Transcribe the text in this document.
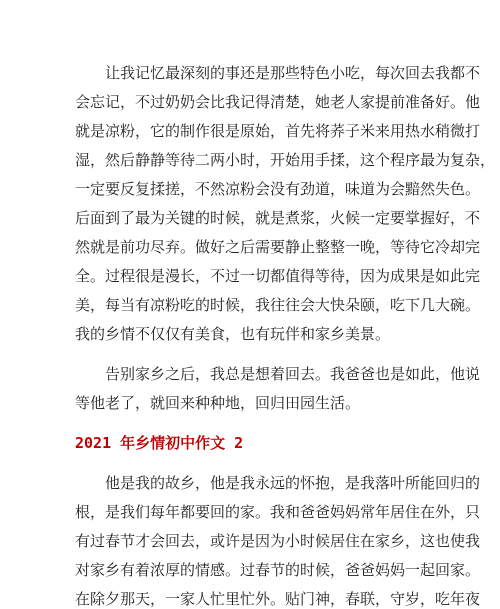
让我记忆最深刻的事还是那些特色小吃，每次回去我都不

会忘记，不过奶奶会比我记得清楚，她老人家提前准备好。他

就是凉粉，它的制作很是原始，首先将荞子米来用热水稍微打

湿，然后静静等待二两小时，开始用手揉，这个程序最为复杂，

一定要反复揉搓，不然凉粉会没有劲道，味道为会黯然失色。

后面到了最为关键的时候，就是煮浆，火候一定要掌握好，不

然就是前功尽弃。做好之后需要静止整整一晚，等待它冷却完

全。过程很是漫长，不过一切都值得等待，因为成果是如此完

美，每当有凉粉吃的时候，我往往会大快朵颐，吃下几大碗。

我的乡情不仅仅有美食，也有玩伴和家乡美景。

告别家乡之后，我总是想着回去。我爸爸也是如此，他说

等他老了，就回来种种地，回归田园生活。

2021 年乡情初中作文 2

他是我的故乡，他是我永远的怀抱，是我落叶所能回归的

根，是我们每年都要回的家。我和爸爸妈妈常年居住在外，只

有过春节才会回去，或许是因为小时候居住在家乡，这也使我

对家乡有着浓厚的情感。过春节的时候，爸爸妈妈一起回家。

在除夕那天，一家人忙里忙外。贴门神，春联，守岁，吃年夜
